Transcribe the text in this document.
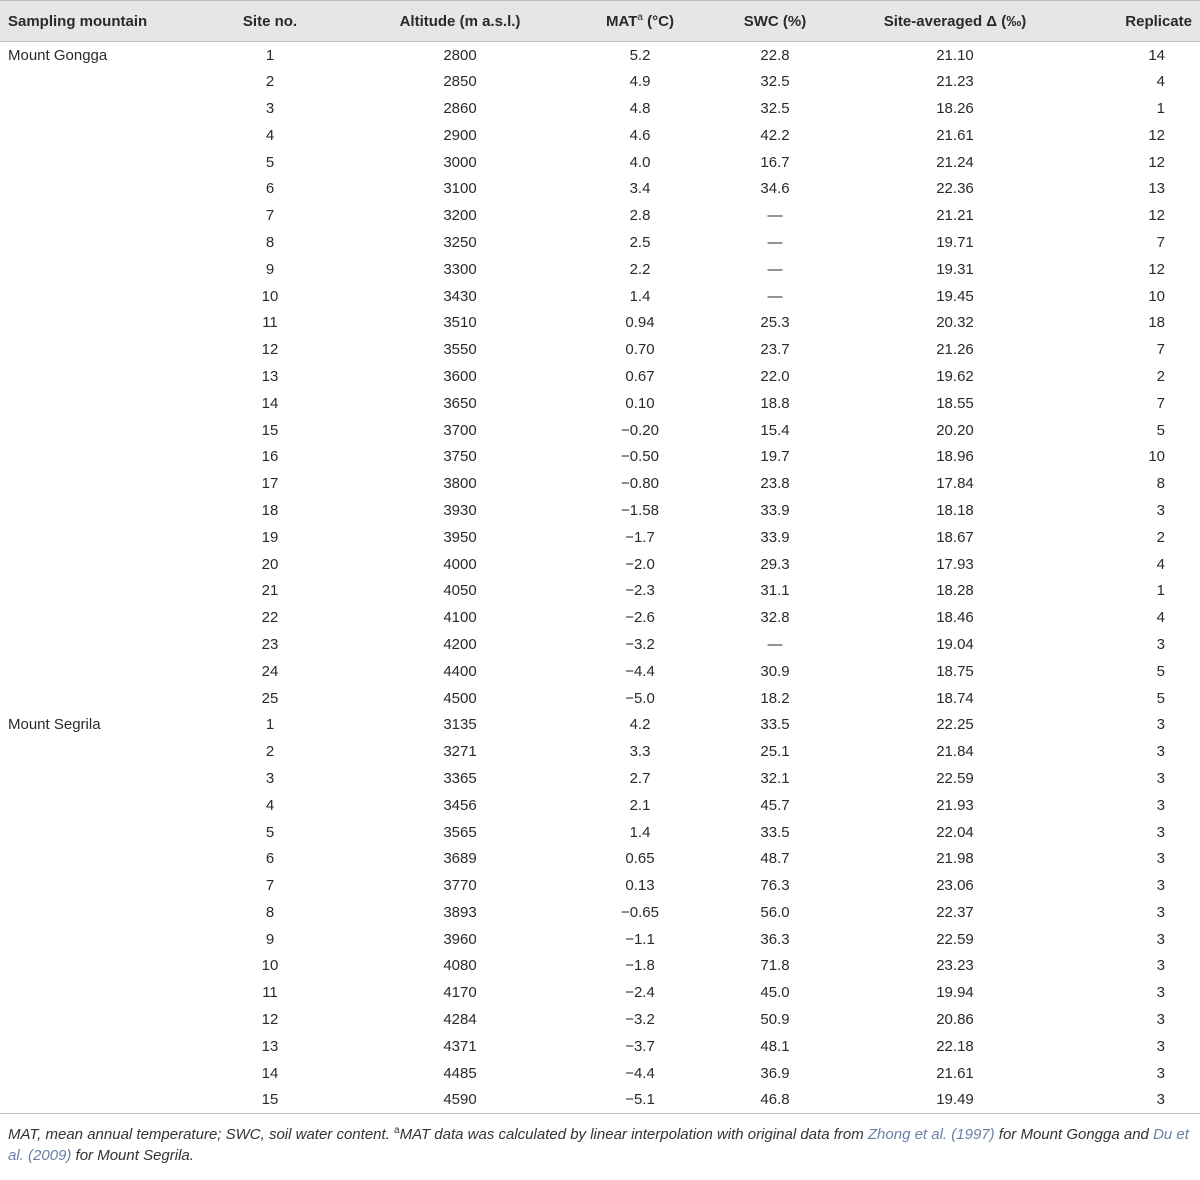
Sampling mountain	Site no.	Altitude (m a.s.l.)	MAT$^a$ (°C)	SWC (%)	Site-averaged Δ (‰)	Replicate
Mount Gongga	1	2800	5.2	22.8	21.10	14
	2	2850	4.9	32.5	21.23	4
	3	2860	4.8	32.5	18.26	1
	4	2900	4.6	42.2	21.61	12
	5	3000	4.0	16.7	21.24	12
	6	3100	3.4	34.6	22.36	13
	7	3200	2.8	—	21.21	12
	8	3250	2.5	—	19.71	7
	9	3300	2.2	—	19.31	12
	10	3430	1.4	—	19.45	10
	11	3510	0.94	25.3	20.32	18
	12	3550	0.70	23.7	21.26	7
	13	3600	0.67	22.0	19.62	2
	14	3650	0.10	18.8	18.55	7
	15	3700	−0.20	15.4	20.20	5
	16	3750	−0.50	19.7	18.96	10
	17	3800	−0.80	23.8	17.84	8
	18	3930	−1.58	33.9	18.18	3
	19	3950	−1.7	33.9	18.67	2
	20	4000	−2.0	29.3	17.93	4
	21	4050	−2.3	31.1	18.28	1
	22	4100	−2.6	32.8	18.46	4
	23	4200	−3.2	—	19.04	3
	24	4400	−4.4	30.9	18.75	5
	25	4500	−5.0	18.2	18.74	5
Mount Segrila	1	3135	4.2	33.5	22.25	3
	2	3271	3.3	25.1	21.84	3
	3	3365	2.7	32.1	22.59	3
	4	3456	2.1	45.7	21.93	3
	5	3565	1.4	33.5	22.04	3
	6	3689	0.65	48.7	21.98	3
	7	3770	0.13	76.3	23.06	3
	8	3893	−0.65	56.0	22.37	3
	9	3960	−1.1	36.3	22.59	3
	10	4080	−1.8	71.8	23.23	3
	11	4170	−2.4	45.0	19.94	3
	12	4284	−3.2	50.9	20.86	3
	13	4371	−3.7	48.1	22.18	3
	14	4485	−4.4	36.9	21.61	3
	15	4590	−5.1	46.8	19.49	3
MAT, mean annual temperature; SWC, soil water content. $^a$MAT data was calculated by linear interpolation with original data from Zhong et al. (1997) for Mount Gongga and Du et al. (2009) for Mount Segrila.
